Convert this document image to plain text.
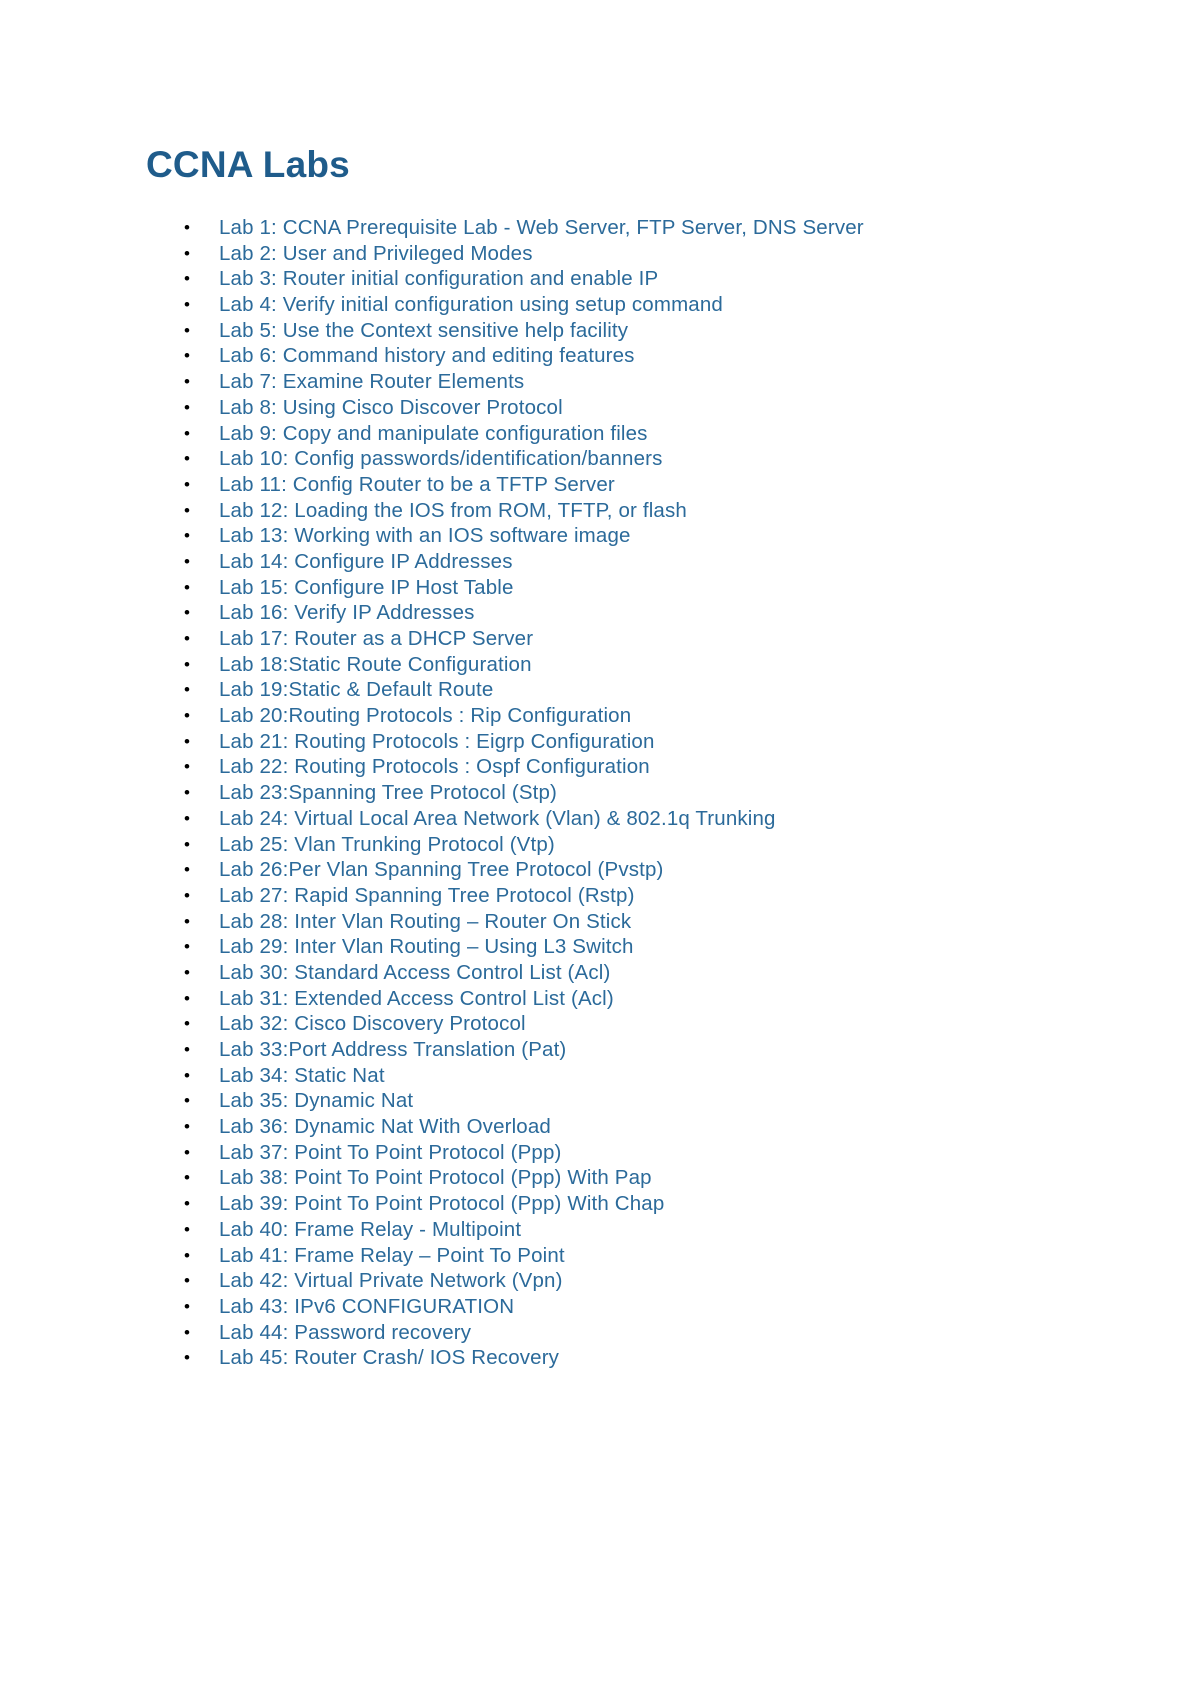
CCNA Labs
• Lab 1: CCNA Prerequisite Lab - Web Server, FTP Server, DNS Server
• Lab 2: User and Privileged Modes
• Lab 3: Router initial configuration and enable IP
• Lab 4: Verify initial configuration using setup command
• Lab 5: Use the Context sensitive help facility
• Lab 6: Command history and editing features
• Lab 7: Examine Router Elements
• Lab 8: Using Cisco Discover Protocol
• Lab 9: Copy and manipulate configuration files
• Lab 10: Config passwords/identification/banners
• Lab 11: Config Router to be a TFTP Server
• Lab 12: Loading the IOS from ROM, TFTP, or flash
• Lab 13: Working with an IOS software image
• Lab 14: Configure IP Addresses
• Lab 15: Configure IP Host Table
• Lab 16: Verify IP Addresses
• Lab 17: Router as a DHCP Server
• Lab 18:Static Route Configuration
• Lab 19:Static & Default Route
• Lab 20:Routing Protocols : Rip Configuration
• Lab 21: Routing Protocols : Eigrp Configuration
• Lab 22: Routing Protocols : Ospf Configuration
• Lab 23:Spanning Tree Protocol (Stp)
• Lab 24: Virtual Local Area Network (Vlan) & 802.1q Trunking
• Lab 25: Vlan Trunking Protocol (Vtp)
• Lab 26:Per Vlan Spanning Tree Protocol (Pvstp)
• Lab 27: Rapid Spanning Tree Protocol (Rstp)
• Lab 28: Inter Vlan Routing – Router On Stick
• Lab 29: Inter Vlan Routing – Using L3 Switch
• Lab 30: Standard Access Control List (Acl)
• Lab 31: Extended Access Control List (Acl)
• Lab 32: Cisco Discovery Protocol
• Lab 33:Port Address Translation (Pat)
• Lab 34: Static Nat
• Lab 35: Dynamic Nat
• Lab 36: Dynamic Nat With Overload
• Lab 37: Point To Point Protocol (Ppp)
• Lab 38: Point To Point Protocol (Ppp) With Pap
• Lab 39: Point To Point Protocol (Ppp) With Chap
• Lab 40: Frame Relay - Multipoint
• Lab 41: Frame Relay – Point To Point
• Lab 42: Virtual Private Network (Vpn)
• Lab 43: IPv6 CONFIGURATION
• Lab 44: Password recovery
• Lab 45: Router Crash/ IOS Recovery
